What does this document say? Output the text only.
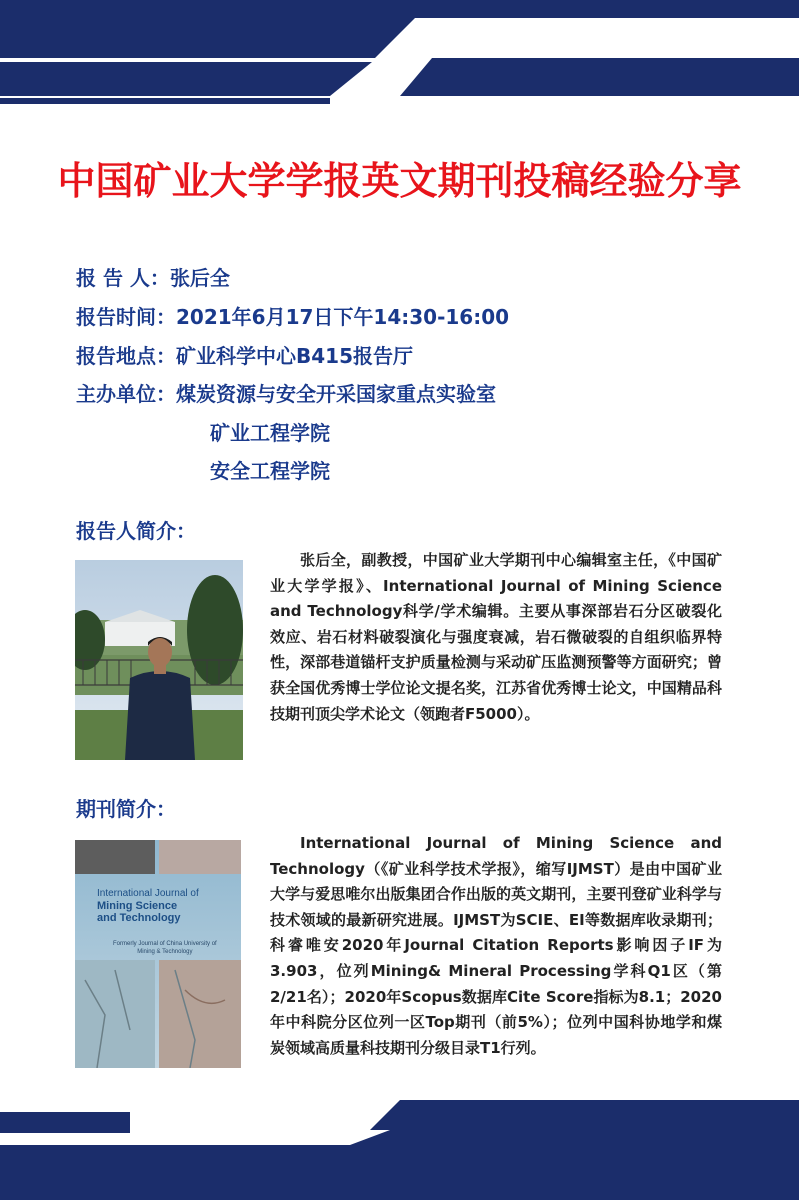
中国矿业大学学报英文期刊投稿经验分享
报 告 人：张后全
报告时间：2021年6月17日下午14:30-16:00
报告地点：矿业科学中心B415报告厅
主办单位：煤炭资源与安全开采国家重点实验室
矿业工程学院
安全工程学院
报告人简介：

张后全，副教授，中国矿业大学期刊中心编辑室主任，《中国矿业大学学报》、International Journal of Mining Science and Technology科学/学术编辑。主要从事深部岩石分区破裂化效应、岩石材料破裂演化与强度衰减，岩石微破裂的自组织临界特性，深部巷道锚杆支护质量检测与采动矿压监测预警等方面研究；曾获全国优秀博士学位论文提名奖，江苏省优秀博士论文，中国精品科技期刊顶尖学术论文（领跑者F5000）。

期刊简介：
International Journal of
Mining Science
and Technology
Formerly Journal of China University of
Mining & Technology

International Journal of Mining Science and Technology（《矿业科学技术学报》，缩写IJMST）是由中国矿业大学与爱思唯尔出版集团合作出版的英文期刊，主要刊登矿业科学与技术领域的最新研究进展。IJMST为SCIE、EI等数据库收录期刊；科睿唯安2020年Journal Citation Reports影响因子IF为3.903，位列Mining& Mineral Processing学科Q1区（第2/21名）；2020年Scopus数据库Cite Score指标为8.1；2020年中科院分区位列一区Top期刊（前5%）；位列中国科协地学和煤炭领域高质量科技期刊分级目录T1行列。
